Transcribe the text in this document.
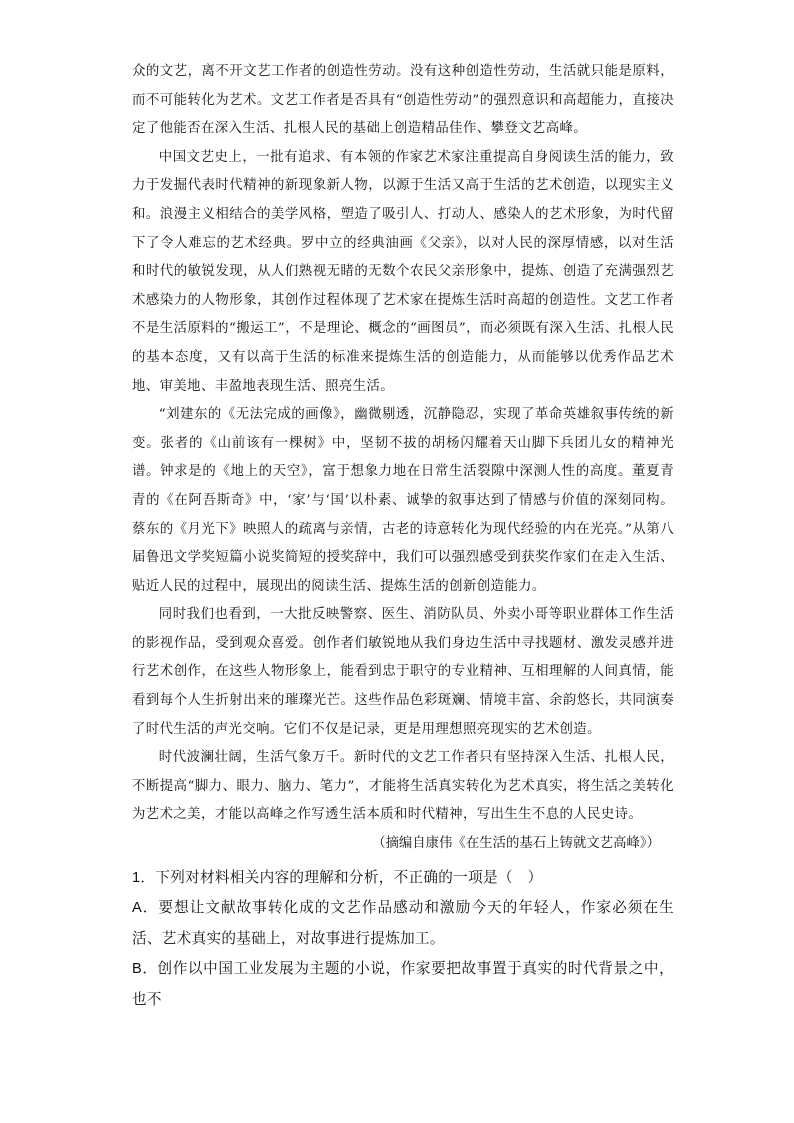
众的文艺，离不开文艺工作者的创造性劳动。没有这种创造性劳动，生活就只能是原料，而不可能转化为艺术。文艺工作者是否具有“创造性劳动”的强烈意识和高超能力，直接决定了他能否在深入生活、扎根人民的基础上创造精品佳作、攀登文艺高峰。

中国文艺史上，一批有追求、有本领的作家艺术家注重提高自身阅读生活的能力，致力于发掘代表时代精神的新现象新人物，以源于生活又高于生活的艺术创造，以现实主义和。浪漫主义相结合的美学风格，塑造了吸引人、打动人、感染人的艺术形象，为时代留下了令人难忘的艺术经典。罗中立的经典油画《父亲》，以对人民的深厚情感，以对生活和时代的敏锐发现，从人们熟视无睹的无数个农民父亲形象中，提炼、创造了充满强烈艺术感染力的人物形象，其创作过程体现了艺术家在提炼生活时高超的创造性。文艺工作者不是生活原料的“搬运工”，不是理论、概念的“画图员”，而必须既有深入生活、扎根人民的基本态度，又有以高于生活的标准来提炼生活的创造能力，从而能够以优秀作品艺术地、审美地、丰盈地表现生活、照亮生活。

“刘建东的《无法完成的画像》，幽微剔透，沉静隐忍，实现了革命英雄叙事传统的新变。张者的《山前该有一棵树》中，坚韧不拔的胡杨闪耀着天山脚下兵团儿女的精神光谱。钟求是的《地上的天空》，富于想象力地在日常生活裂隙中深测人性的高度。董夏青青的《在阿吾斯奇》中，‘家’与‘国’以朴素、诚挚的叙事达到了情感与价值的深刻同构。蔡东的《月光下》映照人的疏离与亲情，古老的诗意转化为现代经验的内在光亮。”从第八届鲁迅文学奖短篇小说奖简短的授奖辞中，我们可以强烈感受到获奖作家们在走入生活、贴近人民的过程中，展现出的阅读生活、提炼生活的创新创造能力。

同时我们也看到，一大批反映警察、医生、消防队员、外卖小哥等职业群体工作生活的影视作品，受到观众喜爱。创作者们敏锐地从我们身边生活中寻找题材、激发灵感并进行艺术创作，在这些人物形象上，能看到忠于职守的专业精神、互相理解的人间真情，能看到每个人生折射出来的璀璨光芒。这些作品色彩斑斓、情境丰富、余韵悠长，共同演奏了时代生活的声光交响。它们不仅是记录，更是用理想照亮现实的艺术创造。

时代波澜壮阔，生活气象万千。新时代的文艺工作者只有坚持深入生活、扎根人民，不断提高“脚力、眼力、脑力、笔力”，才能将生活真实转化为艺术真实，将生活之美转化为艺术之美，才能以高峰之作写透生活本质和时代精神，写出生生不息的人民史诗。

（摘编自康伟《在生活的基石上铸就文艺高峰》）

1．下列对材料相关内容的理解和分析，不正确的一项是（　）

A．要想让文献故事转化成的文艺作品感动和激励今天的年轻人，作家必须在生活、艺术真实的基础上，对故事进行提炼加工。

B．创作以中国工业发展为主题的小说，作家要把故事置于真实的时代背景之中，也不
